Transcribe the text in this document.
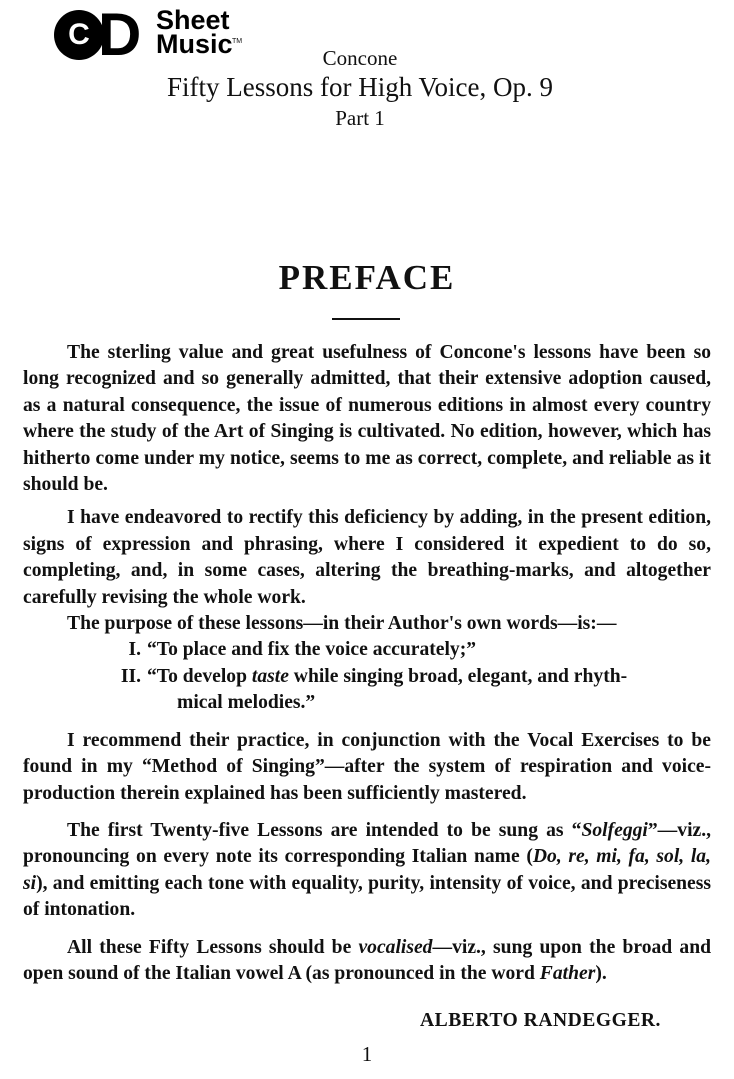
C D Sheet
Music TM
Concone
Fifty Lessons for High Voice, Op. 9
Part 1
PREFACE

The sterling value and great usefulness of Concone's lessons have been so long recognized and so generally admitted, that their extensive adoption caused, as a natural consequence, the issue of numerous editions in almost every country where the study of the Art of Singing is cultivated. No edition, however, which has hitherto come under my notice, seems to me as correct, complete, and reliable as it should be.

I have endeavored to rectify this deficiency by adding, in the present edition, signs of expression and phrasing, where I considered it expedient to do so, completing, and, in some cases, altering the breathing-marks, and altogether carefully revising the whole work.

The purpose of these lessons—in their Author's own words—is:—

I. “To place and fix the voice accurately;”
II. “To develop taste while singing broad, elegant, and rhyth-
mical melodies.”

I recommend their practice, in conjunction with the Vocal Exercises to be found in my “Method of Singing”—after the system of respiration and voice-production therein explained has been sufficiently mastered.

The first Twenty-five Lessons are intended to be sung as “Solfeggi”—viz., pronouncing on every note its corresponding Italian name (Do, re, mi, fa, sol, la, si), and emitting each tone with equality, purity, intensity of voice, and preciseness of intonation.

All these Fifty Lessons should be vocalised—viz., sung upon the broad and open sound of the Italian vowel A (as pronounced in the word Father).

ALBERTO RANDEGGER.
1
